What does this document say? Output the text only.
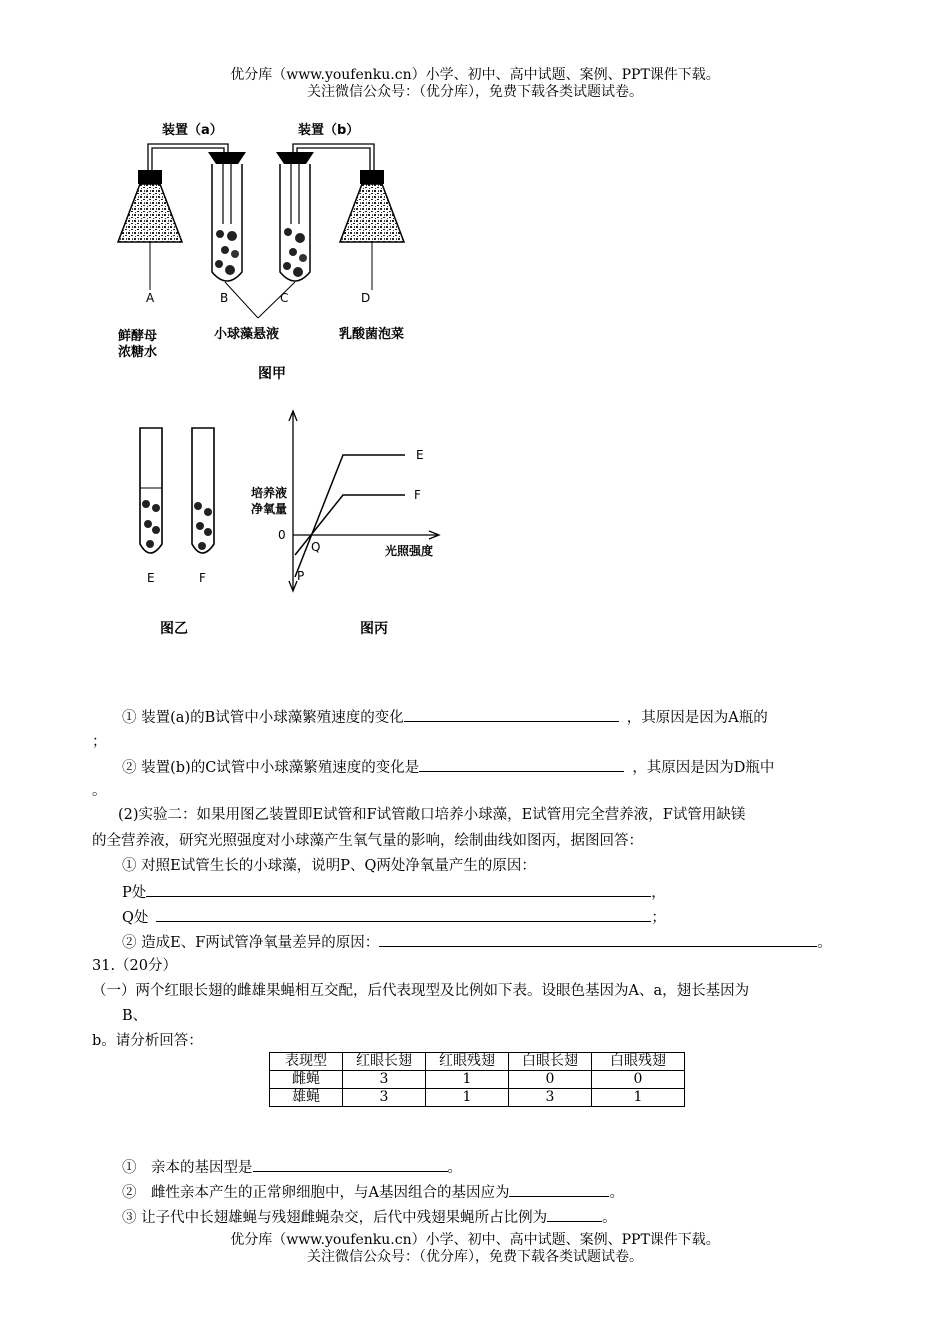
优分库（www.youfenku.cn）小学、初中、高中试题、案例、PPT课件下载。
关注微信公众号：（优分库），免费下载各类试题试卷。
装置（a）	装置（b）
A	B	C	D
鲜酵母
浓糖水
小球藻悬液	乳酸菌泡菜
图甲
E	F
图乙
培养液
净氧量
0
光照强度
E
F
P
Q
图丙
① 装置(a)的B试管中小球藻繁殖速度的变化	，其原因是因为A瓶的
；
② 装置(b)的C试管中小球藻繁殖速度的变化是	，其原因是因为D瓶中
。
(2)实验二：如果用图乙装置即E试管和F试管敞口培养小球藻，E试管用完全营养液，F试管用缺镁
的全营养液，研究光照强度对小球藻产生氧气量的影响，绘制曲线如图丙，据图回答：
① 对照E试管生长的小球藻，说明P、Q两处净氧量产生的原因：
P处	，
Q处	；
② 造成E、F两试管净氧量差异的原因：	。
31.（20分）
（一）两个红眼长翅的雌雄果蝇相互交配，后代表现型及比例如下表。设眼色基因为A、a，翅长基因为
B、
b。请分析回答：
表现型	红眼长翅	红眼残翅	白眼长翅	白眼残翅
雌蝇	3	1	0	0
雄蝇	3	1	3	1
①　亲本的基因型是	。
②　雌性亲本产生的正常卵细胞中，与A基因组合的基因应为	。
③ 让子代中长翅雄蝇与残翅雌蝇杂交，后代中残翅果蝇所占比例为	。
优分库（www.youfenku.cn）小学、初中、高中试题、案例、PPT课件下载。
关注微信公众号：（优分库），免费下载各类试题试卷。
